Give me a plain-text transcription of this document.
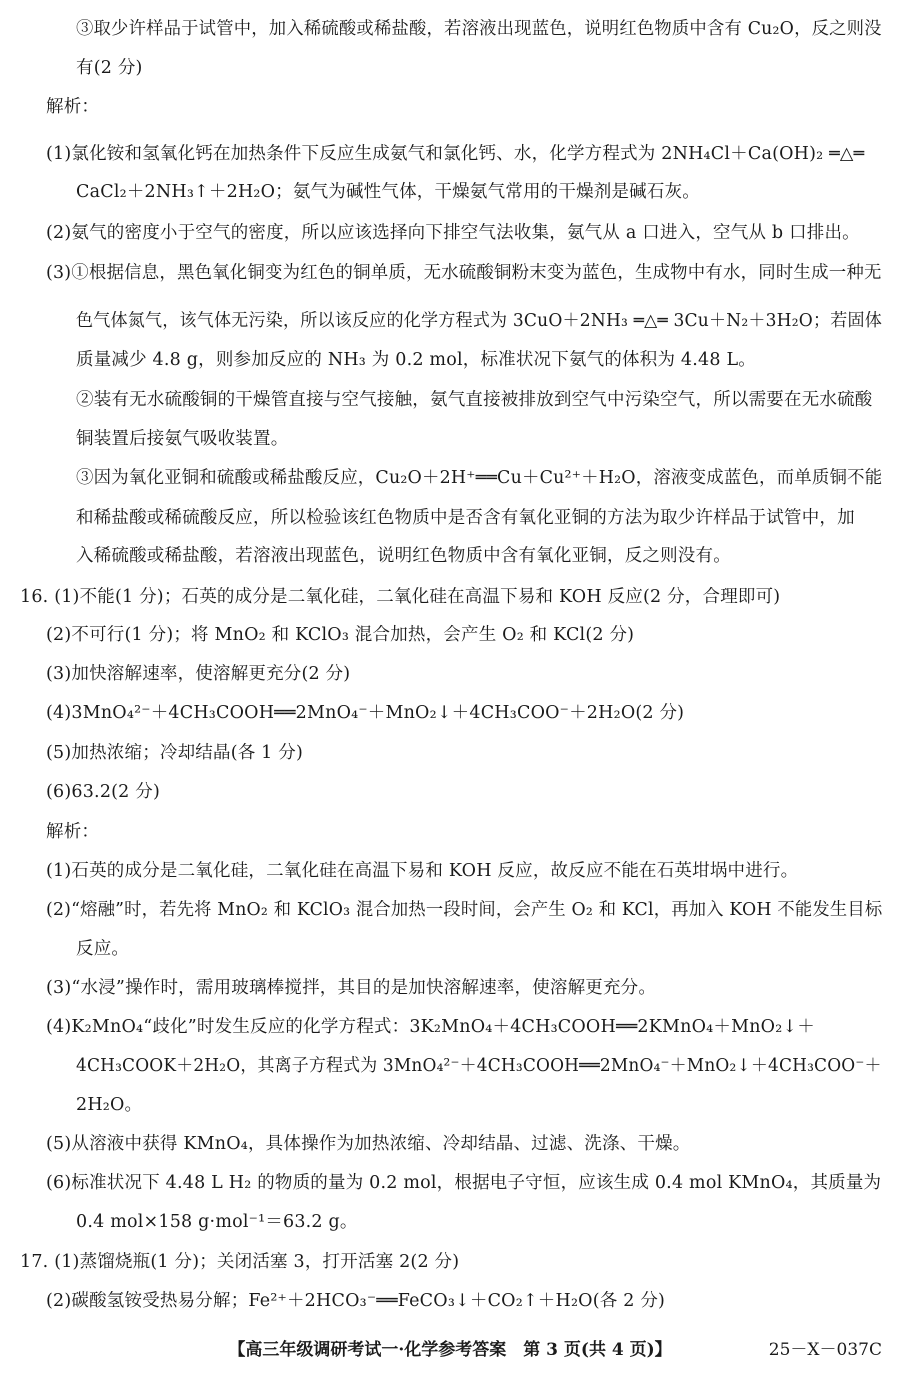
③取少许样品于试管中，加入稀硫酸或稀盐酸，若溶液出现蓝色，说明红色物质中含有 Cu₂O，反之则没
有(2 分)
解析：
(1)氯化铵和氢氧化钙在加热条件下反应生成氨气和氯化钙、水，化学方程式为 2NH₄Cl＋Ca(OH)₂ ═△═
CaCl₂＋2NH₃↑＋2H₂O；氨气为碱性气体，干燥氨气常用的干燥剂是碱石灰。
(2)氨气的密度小于空气的密度，所以应该选择向下排空气法收集，氨气从 a 口进入，空气从 b 口排出。
(3)①根据信息，黑色氧化铜变为红色的铜单质，无水硫酸铜粉末变为蓝色，生成物中有水，同时生成一种无
色气体氮气，该气体无污染，所以该反应的化学方程式为 3CuO＋2NH₃ ═△═ 3Cu＋N₂＋3H₂O；若固体
质量减少 4.8 g，则参加反应的 NH₃ 为 0.2 mol，标准状况下氨气的体积为 4.48 L。
②装有无水硫酸铜的干燥管直接与空气接触，氨气直接被排放到空气中污染空气，所以需要在无水硫酸
铜装置后接氨气吸收装置。
③因为氧化亚铜和硫酸或稀盐酸反应，Cu₂O＋2H⁺══Cu＋Cu²⁺＋H₂O，溶液变成蓝色，而单质铜不能
和稀盐酸或稀硫酸反应，所以检验该红色物质中是否含有氧化亚铜的方法为取少许样品于试管中，加
入稀硫酸或稀盐酸，若溶液出现蓝色，说明红色物质中含有氧化亚铜，反之则没有。
16. (1)不能(1 分)；石英的成分是二氧化硅，二氧化硅在高温下易和 KOH 反应(2 分，合理即可)
(2)不可行(1 分)；将 MnO₂ 和 KClO₃ 混合加热，会产生 O₂ 和 KCl(2 分)
(3)加快溶解速率，使溶解更充分(2 分)
(4)3MnO₄²⁻＋4CH₃COOH══2MnO₄⁻＋MnO₂↓＋4CH₃COO⁻＋2H₂O(2 分)
(5)加热浓缩；冷却结晶(各 1 分)
(6)63.2(2 分)
解析：
(1)石英的成分是二氧化硅，二氧化硅在高温下易和 KOH 反应，故反应不能在石英坩埚中进行。
(2)“熔融”时，若先将 MnO₂ 和 KClO₃ 混合加热一段时间，会产生 O₂ 和 KCl，再加入 KOH 不能发生目标
反应。
(3)“水浸”操作时，需用玻璃棒搅拌，其目的是加快溶解速率，使溶解更充分。
(4)K₂MnO₄“歧化”时发生反应的化学方程式：3K₂MnO₄＋4CH₃COOH══2KMnO₄＋MnO₂↓＋
4CH₃COOK＋2H₂O，其离子方程式为 3MnO₄²⁻＋4CH₃COOH══2MnO₄⁻＋MnO₂↓＋4CH₃COO⁻＋
2H₂O。
(5)从溶液中获得 KMnO₄，具体操作为加热浓缩、冷却结晶、过滤、洗涤、干燥。
(6)标准状况下 4.48 L H₂ 的物质的量为 0.2 mol，根据电子守恒，应该生成 0.4 mol KMnO₄，其质量为
0.4 mol×158 g·mol⁻¹＝63.2 g。
17. (1)蒸馏烧瓶(1 分)；关闭活塞 3，打开活塞 2(2 分)
(2)碳酸氢铵受热易分解；Fe²⁺＋2HCO₃⁻══FeCO₃↓＋CO₂↑＋H₂O(各 2 分)
【高三年级调研考试一·化学参考答案　第 3 页(共 4 页)】	25－X－037C
